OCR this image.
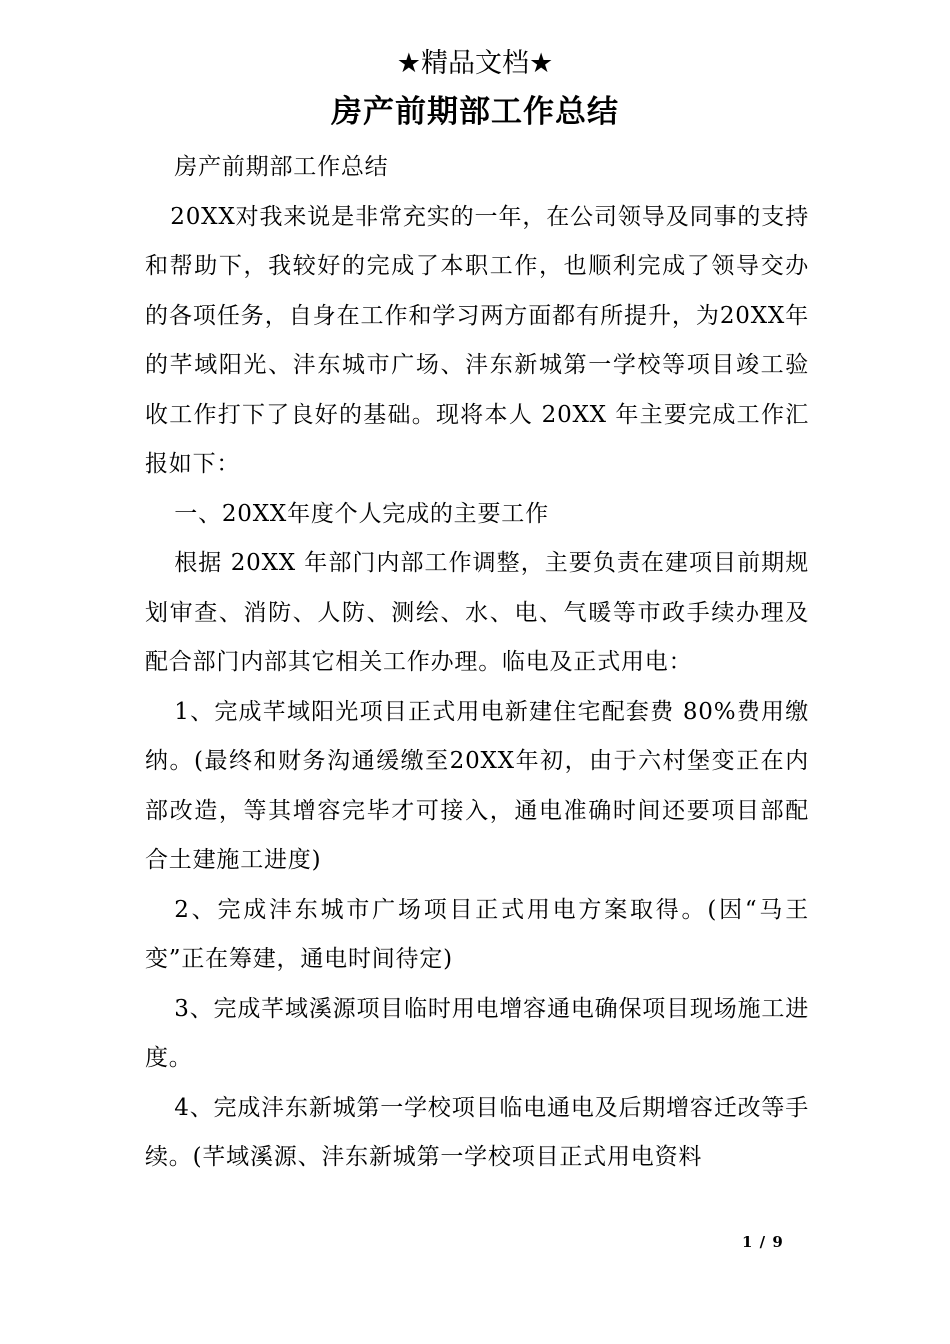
★精品文档★
房产前期部工作总结

房产前期部工作总结

20XX对我来说是非常充实的一年，在公司领导及同事的支持和帮助下，我较好的完成了本职工作，也顺利完成了领导交办的各项任务，自身在工作和学习两方面都有所提升，为20XX年的芊域阳光、沣东城市广场、沣东新城第一学校等项目竣工验收工作打下了良好的基础。现将本人 20XX 年主要完成工作汇报如下：

一、20XX年度个人完成的主要工作

根据 20XX 年部门内部工作调整，主要负责在建项目前期规划审查、消防、人防、测绘、水、电、气暖等市政手续办理及配合部门内部其它相关工作办理。临电及正式用电：

1、完成芊域阳光项目正式用电新建住宅配套费 80%费用缴纳。(最终和财务沟通缓缴至20XX年初，由于六村堡变正在内部改造，等其增容完毕才可接入，通电准确时间还要项目部配合土建施工进度)

2、完成沣东城市广场项目正式用电方案取得。(因“马王变”正在筹建，通电时间待定)

3、完成芊域溪源项目临时用电增容通电确保项目现场施工进度。

4、完成沣东新城第一学校项目临电通电及后期增容迁改等手续。(芊域溪源、沣东新城第一学校项目正式用电资料

1 / 9
